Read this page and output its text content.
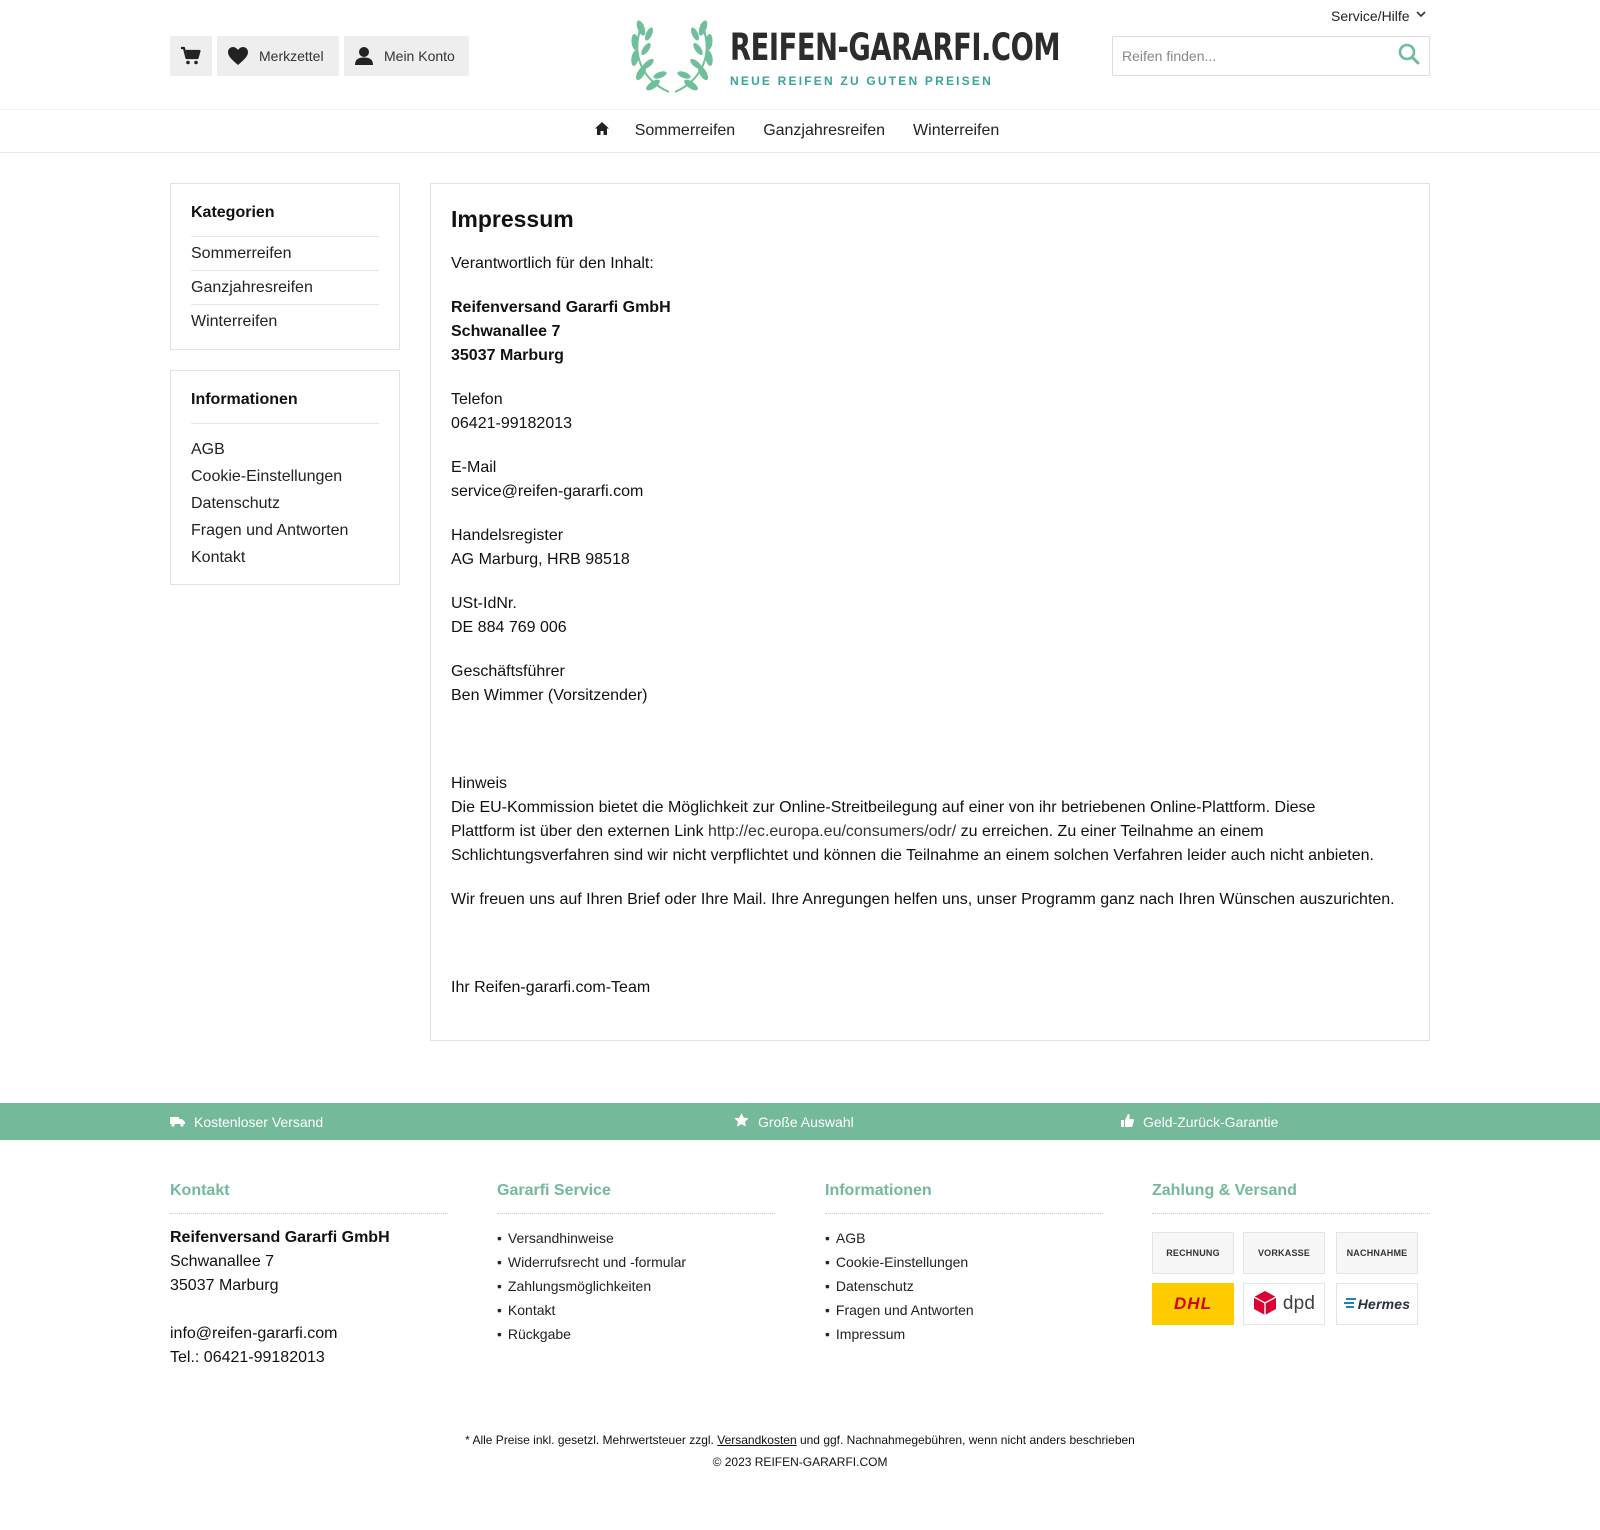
Service/Hilfe
Merkzettel	Mein Konto	REIFEN-GARARFI.COM
NEUE REIFEN ZU GUTEN PREISEN
Reifen finden...
Sommerreifen	Ganzjahresreifen	Winterreifen
Kategorien
Sommerreifen
Ganzjahresreifen
Winterreifen
Informationen
AGB
Cookie-Einstellungen
Datenschutz
Fragen und Antworten
Kontakt
Impressum
Verantwortlich für den Inhalt:
Reifenversand Gararfi GmbH
Schwanallee 7
35037 Marburg
Telefon
06421-99182013
E-Mail
service@reifen-gararfi.com
Handelsregister
AG Marburg, HRB 98518
USt-IdNr.
DE 884 769 006
Geschäftsführer
Ben Wimmer (Vorsitzender)
Hinweis
Die EU-Kommission bietet die Möglichkeit zur Online-Streitbeilegung auf einer von ihr betriebenen Online-Plattform. Diese
Plattform ist über den externen Link http://ec.europa.eu/consumers/odr/ zu erreichen. Zu einer Teilnahme an einem
Schlichtungsverfahren sind wir nicht verpflichtet und können die Teilnahme an einem solchen Verfahren leider auch nicht anbieten.
Wir freuen uns auf Ihren Brief oder Ihre Mail. Ihre Anregungen helfen uns, unser Programm ganz nach Ihren Wünschen auszurichten.
Ihr Reifen-gararfi.com-Team
Kostenloser Versand	Große Auswahl	Geld-Zurück-Garantie
Kontakt
Reifenversand Gararfi GmbH
Schwanallee 7
35037 Marburg
info@reifen-gararfi.com
Tel.: 06421-99182013
Gararfi Service
• Versandhinweise
• Widerrufsrecht und -formular
• Zahlungsmöglichkeiten
• Kontakt
• Rückgabe
Informationen
• AGB
• Cookie-Einstellungen
• Datenschutz
• Fragen und Antworten
• Impressum
Zahlung & Versand
RECHNUNG	VORKASSE	NACHNAHME
DHL	dpd	Hermes
* Alle Preise inkl. gesetzl. Mehrwertsteuer zzgl. Versandkosten und ggf. Nachnahmegebühren, wenn nicht anders beschrieben
© 2023 REIFEN-GARARFI.COM
